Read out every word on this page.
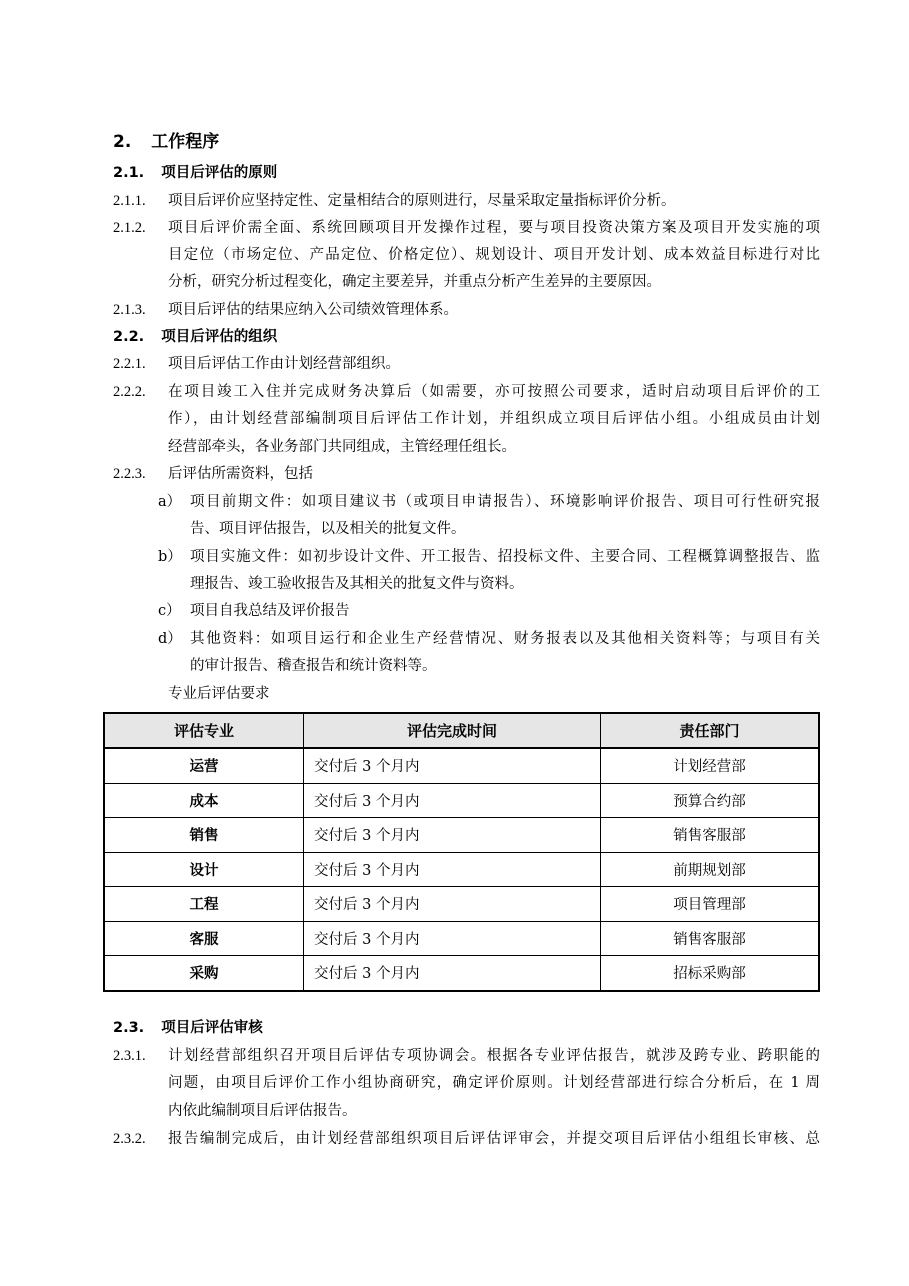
2. 工作程序
2.1. 项目后评估的原则
2.1.1. 项目后评价应坚持定性、定量相结合的原则进行，尽量采取定量指标评价分析。
2.1.2. 项目后评价需全面、系统回顾项目开发操作过程，要与项目投资决策方案及项目开发实施的项
目定位（市场定位、产品定位、价格定位）、规划设计、项目开发计划、成本效益目标进行对比
分析，研究分析过程变化，确定主要差异，并重点分析产生差异的主要原因。
2.1.3. 项目后评估的结果应纳入公司绩效管理体系。
2.2. 项目后评估的组织
2.2.1. 项目后评估工作由计划经营部组织。
2.2.2. 在项目竣工入住并完成财务决算后（如需要，亦可按照公司要求，适时启动项目后评价的工
作），由计划经营部编制项目后评估工作计划，并组织成立项目后评估小组。小组成员由计划
经营部牵头，各业务部门共同组成，主管经理任组长。
2.2.3. 后评估所需资料，包括
a） 项目前期文件：如项目建议书（或项目申请报告）、环境影响评价报告、项目可行性研究报
告、项目评估报告，以及相关的批复文件。
b） 项目实施文件：如初步设计文件、开工报告、招投标文件、主要合同、工程概算调整报告、监
理报告、竣工验收报告及其相关的批复文件与资料。
c） 项目自我总结及评价报告
d） 其他资料：如项目运行和企业生产经营情况、财务报表以及其他相关资料等；与项目有关
的审计报告、稽查报告和统计资料等。
专业后评估要求
评估专业	评估完成时间	责任部门
运营	交付后 3 个月内	计划经营部
成本	交付后 3 个月内	预算合约部
销售	交付后 3 个月内	销售客服部
设计	交付后 3 个月内	前期规划部
工程	交付后 3 个月内	项目管理部
客服	交付后 3 个月内	销售客服部
采购	交付后 3 个月内	招标采购部
2.3. 项目后评估审核
2.3.1. 计划经营部组织召开项目后评估专项协调会。根据各专业评估报告，就涉及跨专业、跨职能的
问题，由项目后评价工作小组协商研究，确定评价原则。计划经营部进行综合分析后，在 1 周
内依此编制项目后评估报告。
2.3.2. 报告编制完成后，由计划经营部组织项目后评估评审会，并提交项目后评估小组组长审核、总
